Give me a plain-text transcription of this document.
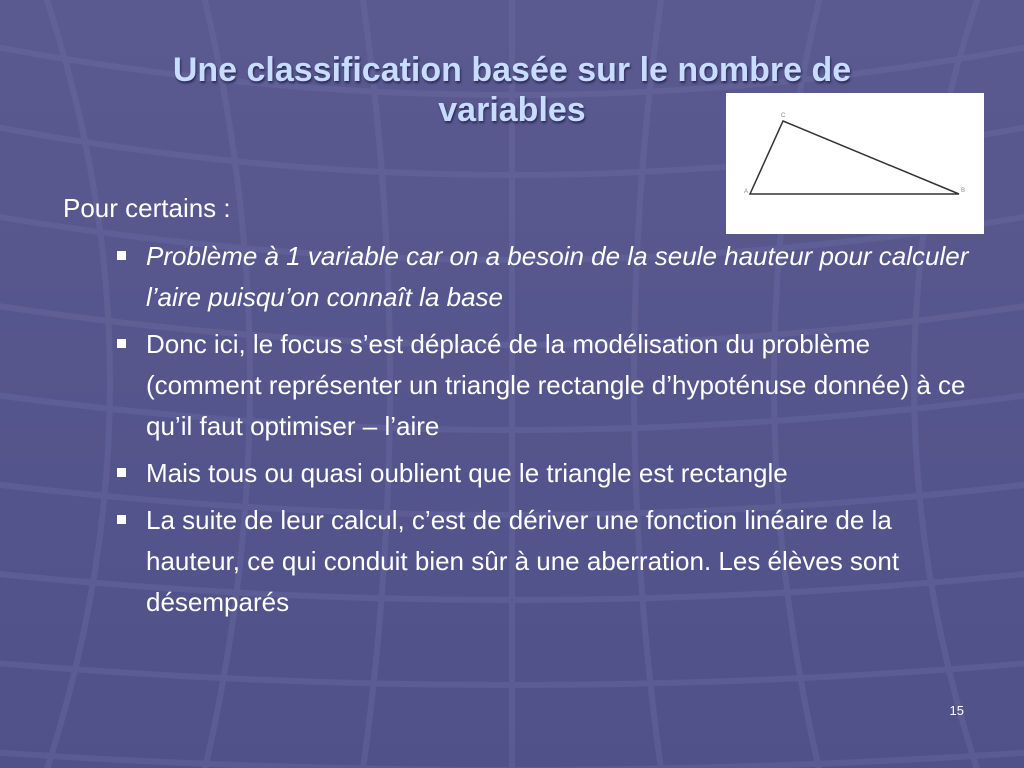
Une classification basée sur le nombre de
variables	C
A	B
Pour certains :
Problème à 1 variable car on a besoin de la seule hauteur pour calculer l’aire puisqu’on connaît la base
Donc ici, le focus s’est déplacé de la modélisation du problème (comment représenter un triangle rectangle d’hypoténuse donnée) à ce qu’il faut optimiser – l’aire
Mais tous ou quasi oublient que le triangle est rectangle
La suite de leur calcul, c’est de dériver une fonction linéaire de la hauteur, ce qui conduit bien sûr à une aberration. Les élèves sont désemparés
15
